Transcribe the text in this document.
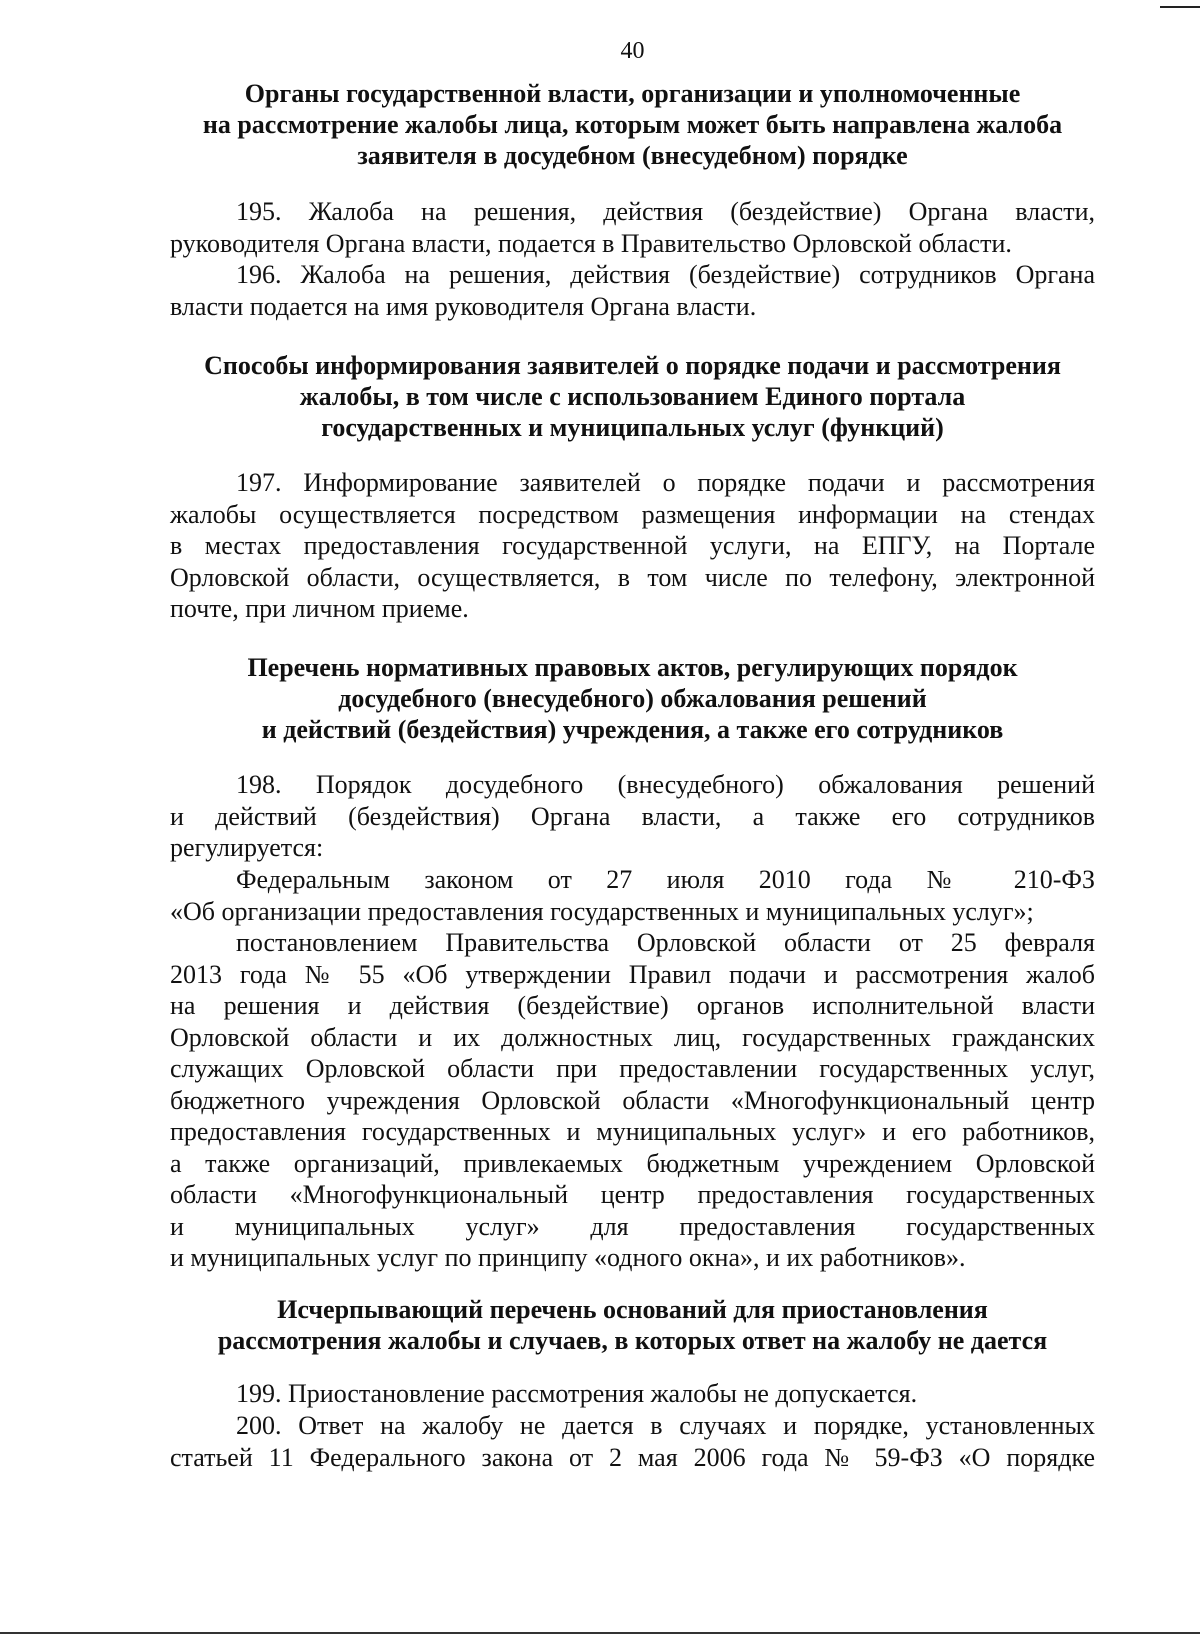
40
Органы государственной власти, организации и уполномоченные
на рассмотрение жалобы лица, которым может быть направлена жалоба
заявителя в досудебном (внесудебном) порядке
195. Жалоба на решения, действия (бездействие) Органа власти,
руководителя Органа власти, подается в Правительство Орловской области.
196. Жалоба на решения, действия (бездействие) сотрудников Органа
власти подается на имя руководителя Органа власти.
Способы информирования заявителей о порядке подачи и рассмотрения
жалобы, в том числе с использованием Единого портала
государственных и муниципальных услуг (функций)
197. Информирование заявителей о порядке подачи и рассмотрения
жалобы осуществляется посредством размещения информации на стендах
в местах предоставления государственной услуги, на ЕПГУ, на Портале
Орловской области, осуществляется, в том числе по телефону, электронной
почте, при личном приеме.
Перечень нормативных правовых актов, регулирующих порядок
досудебного (внесудебного) обжалования решений
и действий (бездействия) учреждения, а также его сотрудников
198. Порядок досудебного (внесудебного) обжалования решений
и действий (бездействия) Органа власти, а также его сотрудников
регулируется:
Федеральным законом от 27 июля 2010 года № 210-ФЗ
«Об организации предоставления государственных и муниципальных услуг»;
постановлением Правительства Орловской области от 25 февраля
2013 года № 55 «Об утверждении Правил подачи и рассмотрения жалоб
на решения и действия (бездействие) органов исполнительной власти
Орловской области и их должностных лиц, государственных гражданских
служащих Орловской области при предоставлении государственных услуг,
бюджетного учреждения Орловской области «Многофункциональный центр
предоставления государственных и муниципальных услуг» и его работников,
а также организаций, привлекаемых бюджетным учреждением Орловской
области «Многофункциональный центр предоставления государственных
и муниципальных услуг» для предоставления государственных
и муниципальных услуг по принципу «одного окна», и их работников».
Исчерпывающий перечень оснований для приостановления
рассмотрения жалобы и случаев, в которых ответ на жалобу не дается
199. Приостановление рассмотрения жалобы не допускается.
200. Ответ на жалобу не дается в случаях и порядке, установленных
статьей 11 Федерального закона от 2 мая 2006 года № 59-ФЗ «О порядке
